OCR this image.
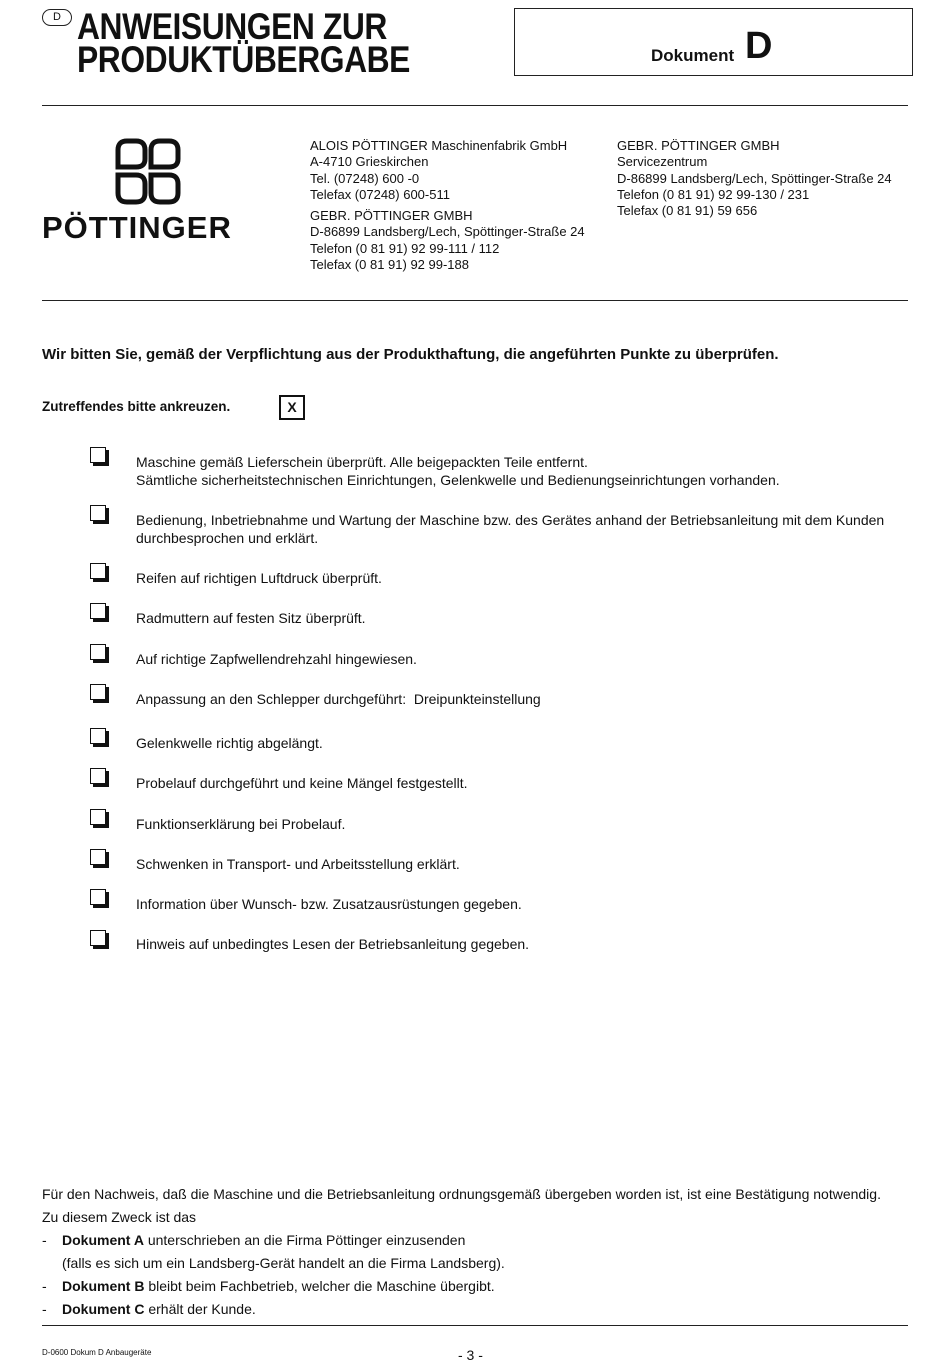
D ANWEISUNGEN ZUR
PRODUKTÜBERGABE	Dokument D
PÖTTINGER
ALOIS PÖTTINGER Maschinenfabrik GmbH
A-4710 Grieskirchen
Tel. (07248) 600 -0
Telefax (07248) 600-511
GEBR. PÖTTINGER GMBH
D-86899 Landsberg/Lech, Spöttinger-Straße 24
Telefon (0 81 91) 92 99-111 / 112
Telefax (0 81 91) 92 99-188
GEBR. PÖTTINGER GMBH
Servicezentrum
D-86899 Landsberg/Lech, Spöttinger-Straße 24
Telefon (0 81 91) 92 99-130 / 231
Telefax (0 81 91) 59 656
Wir bitten Sie, gemäß der Verpflichtung aus der Produkthaftung, die angeführten Punkte zu überprüfen.
Zutreffendes bitte ankreuzen.	X
Maschine gemäß Lieferschein überprüft. Alle beigepackten Teile entfernt.
Sämtliche sicherheitstechnischen Einrichtungen, Gelenkwelle und Bedienungseinrichtungen vorhanden.
Bedienung, Inbetriebnahme und Wartung der Maschine bzw. des Gerätes anhand der Betriebsanleitung mit dem Kunden
durchbesprochen und erklärt.
Reifen auf richtigen Luftdruck überprüft.
Radmuttern auf festen Sitz überprüft.
Auf richtige Zapfwellendrehzahl hingewiesen.
Anpassung an den Schlepper durchgeführt:  Dreipunkteinstellung
Gelenkwelle richtig abgelängt.
Probelauf durchgeführt und keine Mängel festgestellt.
Funktionserklärung bei Probelauf.
Schwenken in Transport- und Arbeitsstellung erklärt.
Information über Wunsch- bzw. Zusatzausrüstungen gegeben.
Hinweis auf unbedingtes Lesen der Betriebsanleitung gegeben.
Für den Nachweis, daß die Maschine und die Betriebsanleitung ordnungsgemäß übergeben worden ist, ist eine Bestätigung notwendig.
Zu diesem Zweck ist das
-	Dokument A unterschrieben an die Firma Pöttinger einzusenden
(falls es sich um ein Landsberg-Gerät handelt an die Firma Landsberg).
-	Dokument B bleibt beim Fachbetrieb, welcher die Maschine übergibt.
-	Dokument C erhält der Kunde.
D-0600 Dokum D Anbaugeräte	- 3 -
